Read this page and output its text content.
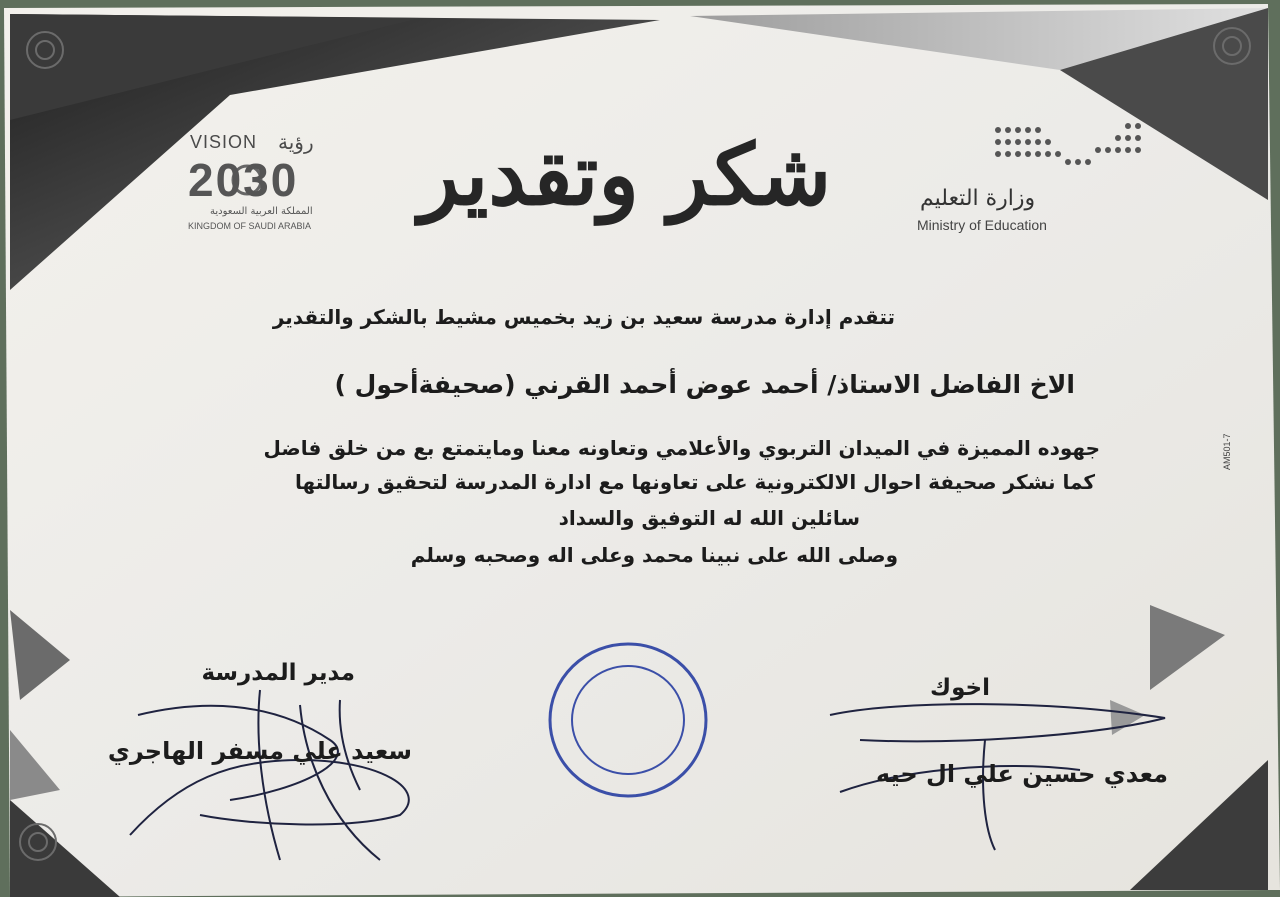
شكر وتقدير	وزارة التعليم
Ministry of Education
VISION رؤية
2030
المملكة العربية السعودية
KINGDOM OF SAUDI ARABIA
تتقدم إدارة مدرسة سعيد بن زيد بخميس مشيط بالشكر والتقدير
الاخ الفاضل الاستاذ/ أحمد عوض أحمد القرني (صحيفةأحول )
جهوده المميزة في الميدان التربوي والأعلامي وتعاونه معنا ومايتمتع بع من خلق فاضل
كما نشكر صحيفة احوال الالكترونية على تعاونها مع ادارة المدرسة لتحقيق رسالتها
سائلين الله له التوفيق والسداد
وصلى الله على نبينا محمد وعلى اله وصحبه وسلم
AM501-7
مدير المدرسة
سعيد علي مسفر الهاجري
اخوك
معدي حسين علي ال حيه
